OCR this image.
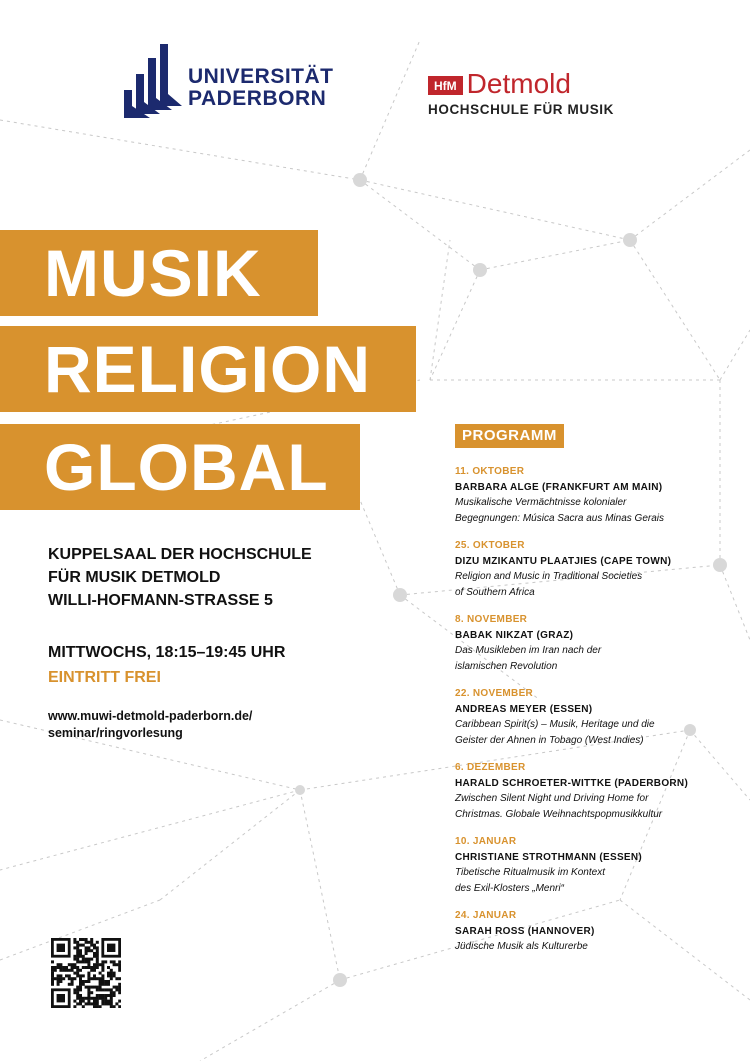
UNIVERSITÄT
PADERBORN
HfM Detmold
HOCHSCHULE FÜR MUSIK
MUSIK
RELIGION
GLOBAL
KUPPELSAAL DER HOCHSCHULE
FÜR MUSIK DETMOLD
WILLI-HOFMANN-STRASSE 5
MITTWOCHS, 18:15–19:45 UHR
EINTRITT FREI
www.muwi-detmold-paderborn.de/
seminar/ringvorlesung
PROGRAMM
11. OKTOBER
BARBARA ALGE (FRANKFURT AM MAIN)
Musikalische Vermächtnisse kolonialer
Begegnungen: Música Sacra aus Minas Gerais
25. OKTOBER
DIZU MZIKANTU PLAATJIES (CAPE TOWN)
Religion and Music in Traditional Societies
of Southern Africa
8. NOVEMBER
BABAK NIKZAT (GRAZ)
Das Musikleben im Iran nach der
islamischen Revolution
22. NOVEMBER
ANDREAS MEYER (ESSEN)
Caribbean Spirit(s) – Musik, Heritage und die
Geister der Ahnen in Tobago (West Indies)
6. DEZEMBER
HARALD SCHROETER-WITTKE (PADERBORN)
Zwischen Silent Night und Driving Home for
Christmas. Globale Weihnachtspopmusikkultur
10. JANUAR
CHRISTIANE STROTHMANN (ESSEN)
Tibetische Ritualmusik im Kontext
des Exil-Klosters „Menri“
24. JANUAR
SARAH ROSS (HANNOVER)
Jüdische Musik als Kulturerbe
